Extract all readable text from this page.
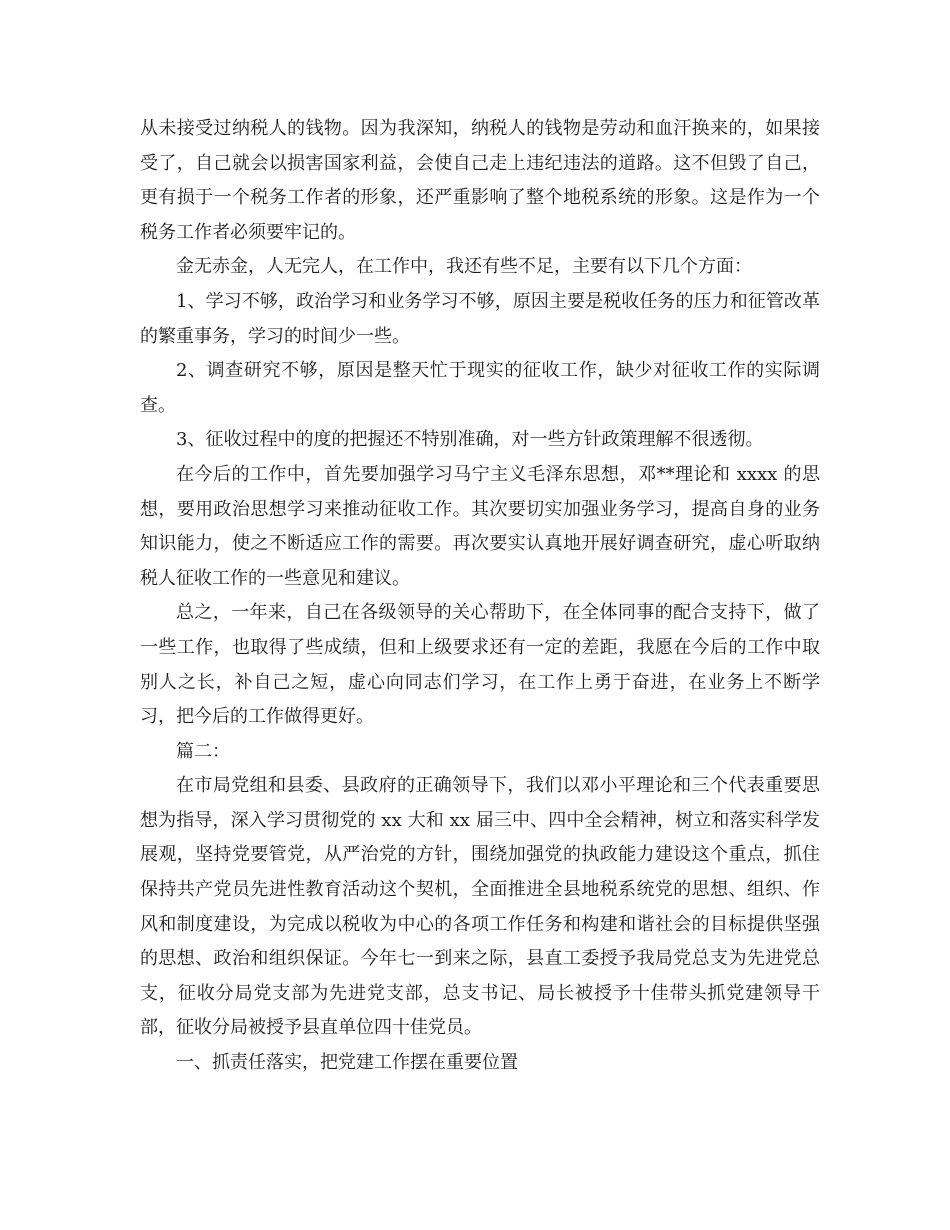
从未接受过纳税人的钱物。因为我深知，纳税人的钱物是劳动和血汗换来的，如果接受了，自己就会以损害国家利益，会使自己走上违纪违法的道路。这不但毁了自己，更有损于一个税务工作者的形象，还严重影响了整个地税系统的形象。这是作为一个税务工作者必须要牢记的。

金无赤金，人无完人，在工作中，我还有些不足，主要有以下几个方面：

1、学习不够，政治学习和业务学习不够，原因主要是税收任务的压力和征管改革的繁重事务，学习的时间少一些。

2、调查研究不够，原因是整天忙于现实的征收工作，缺少对征收工作的实际调查。

3、征收过程中的度的把握还不特别准确，对一些方针政策理解不很透彻。

在今后的工作中，首先要加强学习马宁主义毛泽东思想，邓**理论和 xxxx 的思想，要用政治思想学习来推动征收工作。其次要切实加强业务学习，提高自身的业务知识能力，使之不断适应工作的需要。再次要实认真地开展好调查研究，虚心听取纳税人征收工作的一些意见和建议。

总之，一年来，自己在各级领导的关心帮助下，在全体同事的配合支持下，做了一些工作，也取得了些成绩，但和上级要求还有一定的差距，我愿在今后的工作中取别人之长，补自己之短，虚心向同志们学习，在工作上勇于奋进，在业务上不断学习，把今后的工作做得更好。

篇二：

在市局党组和县委、县政府的正确领导下，我们以邓小平理论和三个代表重要思想为指导，深入学习贯彻党的 xx 大和 xx 届三中、四中全会精神，树立和落实科学发展观，坚持党要管党，从严治党的方针，围绕加强党的执政能力建设这个重点，抓住保持共产党员先进性教育活动这个契机，全面推进全县地税系统党的思想、组织、作风和制度建设，为完成以税收为中心的各项工作任务和构建和谐社会的目标提供坚强的思想、政治和组织保证。今年七一到来之际，县直工委授予我局党总支为先进党总支，征收分局党支部为先进党支部，总支书记、局长被授予十佳带头抓党建领导干部，征收分局被授予县直单位四十佳党员。

一、抓责任落实，把党建工作摆在重要位置
